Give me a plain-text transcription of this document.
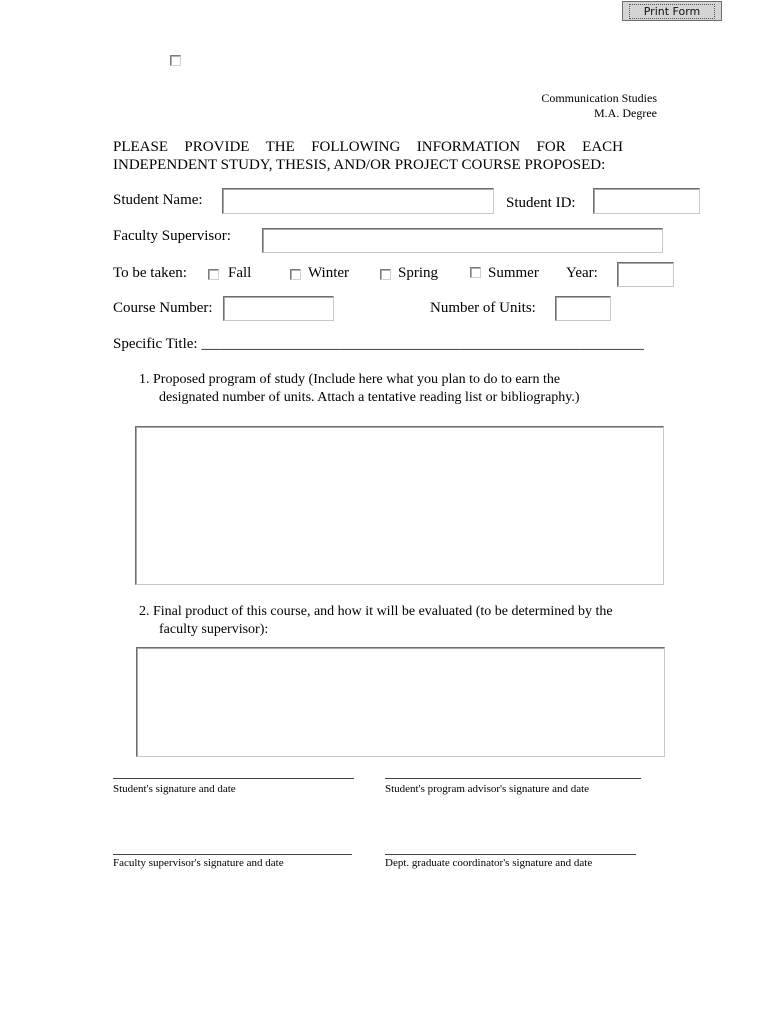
Print Form
Communication Studies
M.A. Degree
PLEASE PROVIDE THE FOLLOWING INFORMATION FOR EACH
INDEPENDENT STUDY, THESIS, AND/OR PROJECT COURSE PROPOSED:
Student Name:	Student ID:
Faculty Supervisor:
To be taken:	Fall	Winter	Spring	Summer Year:
Course Number:	Number of Units:
Specific Title: ___________________________________________________________
1. Proposed program of study (Include here what you plan to do to earn the
designated number of units. Attach a tentative reading list or bibliography.)
2. Final product of this course, and how it will be evaluated (to be determined by the
faculty supervisor):
Student's signature and date	Student's program advisor's signature and date
Faculty supervisor's signature and date	Dept. graduate coordinator's signature and date
